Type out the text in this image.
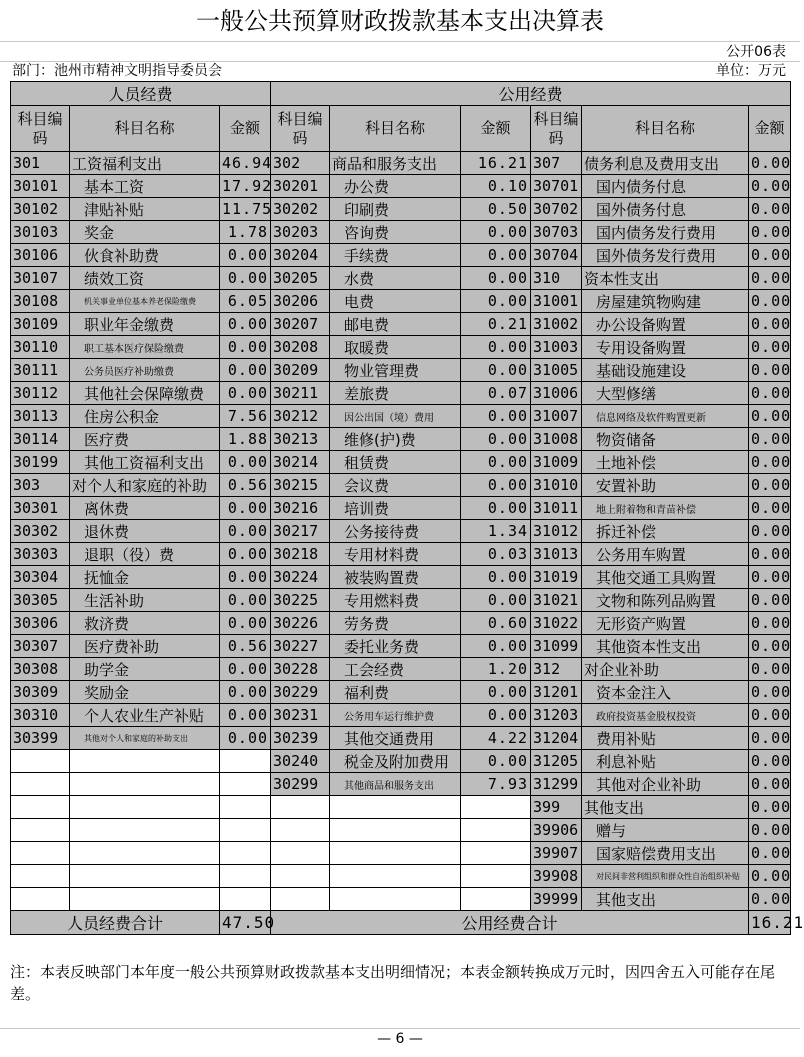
一般公共预算财政拨款基本支出决算表
公开06表
部门：池州市精神文明指导委员会	单位：万元
人员经费			公用经费					
科目编码	科目名称	金额	科目编码	科目名称	金额	科目编码	科目名称	金额
301	工资福利支出	46.94	302	商品和服务支出	16.21	307	债务利息及费用支出	0.00
30101	基本工资	17.92	30201	办公费	0.10	30701	国内债务付息	0.00
30102	津贴补贴	11.75	30202	印刷费	0.50	30702	国外债务付息	0.00
30103	奖金	1.78	30203	咨询费	0.00	30703	国内债务发行费用	0.00
30106	伙食补助费	0.00	30204	手续费	0.00	30704	国外债务发行费用	0.00
30107	绩效工资	0.00	30205	水费	0.00	310	资本性支出	0.00
30108	机关事业单位基本养老保险缴费	6.05	30206	电费	0.00	31001	房屋建筑物购建	0.00
30109	职业年金缴费	0.00	30207	邮电费	0.21	31002	办公设备购置	0.00
30110	职工基本医疗保险缴费	0.00	30208	取暖费	0.00	31003	专用设备购置	0.00
30111	公务员医疗补助缴费	0.00	30209	物业管理费	0.00	31005	基础设施建设	0.00
30112	其他社会保障缴费	0.00	30211	差旅费	0.07	31006	大型修缮	0.00
30113	住房公积金	7.56	30212	因公出国（境）费用	0.00	31007	信息网络及软件购置更新	0.00
30114	医疗费	1.88	30213	维修(护)费	0.00	31008	物资储备	0.00
30199	其他工资福利支出	0.00	30214	租赁费	0.00	31009	土地补偿	0.00
303	对个人和家庭的补助	0.56	30215	会议费	0.00	31010	安置补助	0.00
30301	离休费	0.00	30216	培训费	0.00	31011	地上附着物和青苗补偿	0.00
30302	退休费	0.00	30217	公务接待费	1.34	31012	拆迁补偿	0.00
30303	退职（役）费	0.00	30218	专用材料费	0.03	31013	公务用车购置	0.00
30304	抚恤金	0.00	30224	被装购置费	0.00	31019	其他交通工具购置	0.00
30305	生活补助	0.00	30225	专用燃料费	0.00	31021	文物和陈列品购置	0.00
30306	救济费	0.00	30226	劳务费	0.60	31022	无形资产购置	0.00
30307	医疗费补助	0.56	30227	委托业务费	0.00	31099	其他资本性支出	0.00
30308	助学金	0.00	30228	工会经费	1.20	312	对企业补助	0.00
30309	奖励金	0.00	30229	福利费	0.00	31201	资本金注入	0.00
30310	个人农业生产补贴	0.00	30231	公务用车运行维护费	0.00	31203	政府投资基金股权投资	0.00
30399	其他对个人和家庭的补助支出	0.00	30239	其他交通费用	4.22	31204	费用补贴	0.00
			30240	税金及附加费用	0.00	31205	利息补贴	0.00
			30299	其他商品和服务支出	7.93	31299	其他对企业补助	0.00
						399	其他支出	0.00
						39906	赠与	0.00
						39907	国家赔偿费用支出	0.00
						39908	对民间非营利组织和群众性自治组织补贴	0.00
						39999	其他支出	0.00
人员经费合计		47.50	公用经费合计					16.21
注：本表反映部门本年度一般公共预算财政拨款基本支出明细情况；本表金额转换成万元时，因四舍五入可能存在尾差。
— 6 —
